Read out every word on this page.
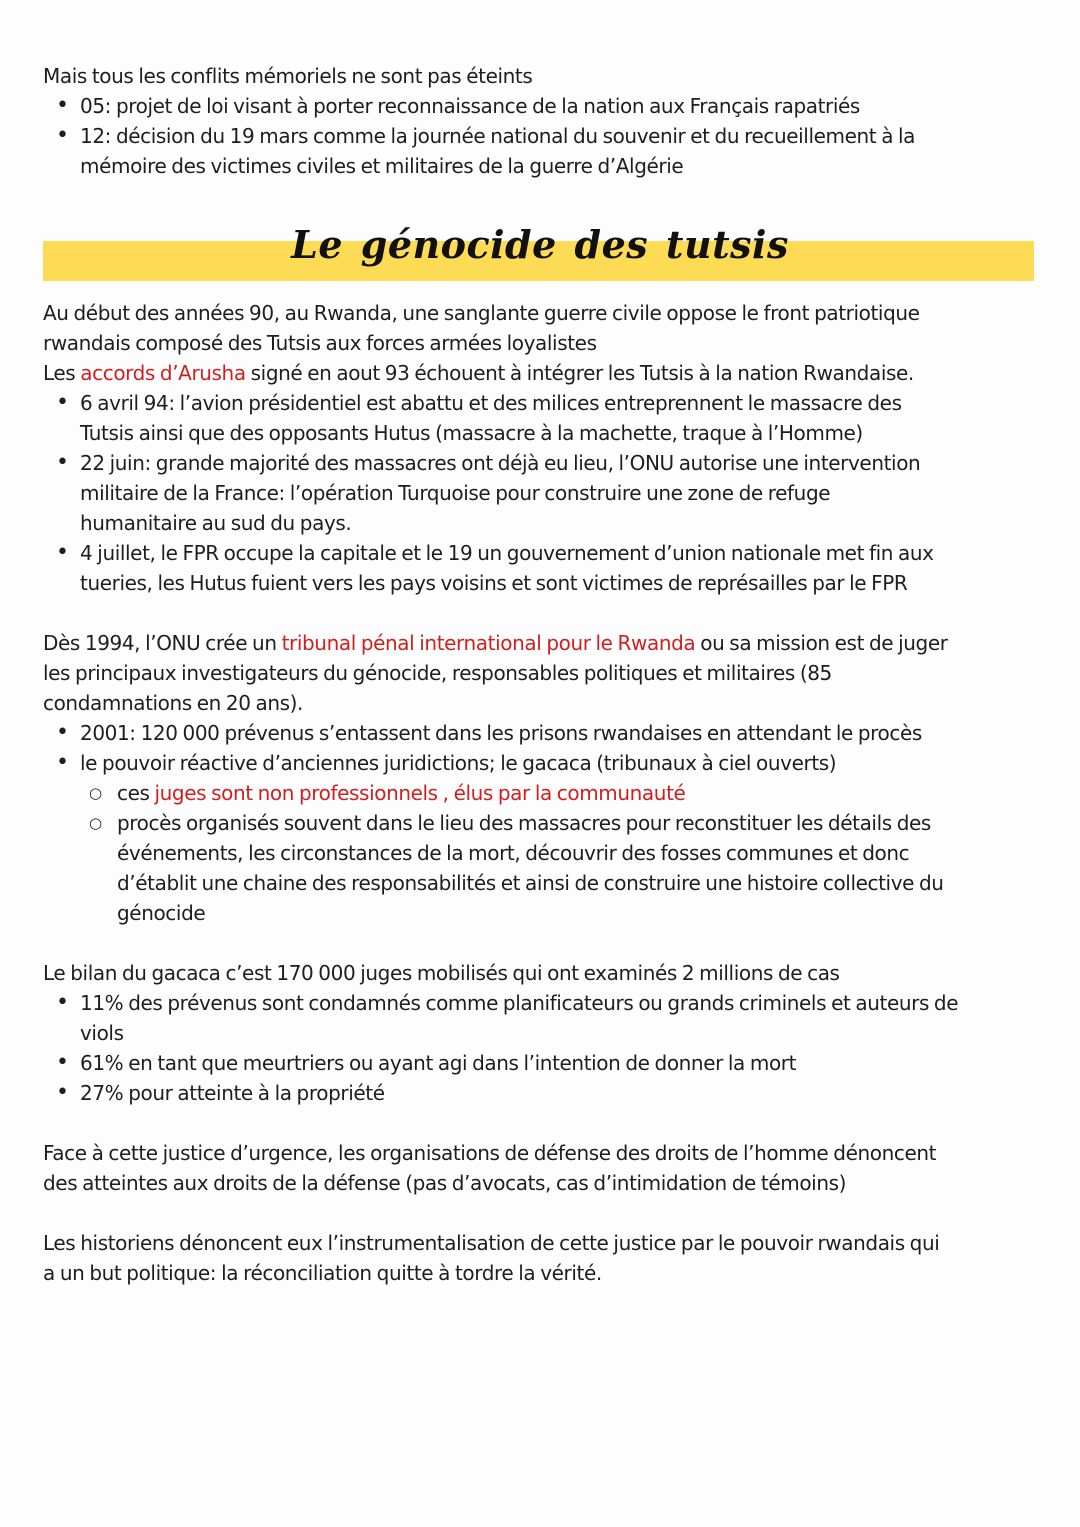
Mais tous les conflits mémoriels ne sont pas éteints

• 05: projet de loi visant à porter reconnaissance de la nation aux Français rapatriés
• 12: décision du 19 mars comme la journée national du souvenir et du recueillement à la
mémoire des victimes civiles et militaires de la guerre d’Algérie
Le génocide des tutsis

Au début des années 90, au Rwanda, une sanglante guerre civile oppose le front patriotique
rwandais composé des Tutsis aux forces armées loyalistes

Les accords d’Arusha signé en aout 93 échouent à intégrer les Tutsis à la nation Rwandaise.

• 6 avril 94: l’avion présidentiel est abattu et des milices entreprennent le massacre des
Tutsis ainsi que des opposants Hutus (massacre à la machette, traque à l’Homme)
• 22 juin: grande majorité des massacres ont déjà eu lieu, l’ONU autorise une intervention
militaire de la France: l’opération Turquoise pour construire une zone de refuge
humanitaire au sud du pays.
• 4 juillet, le FPR occupe la capitale et le 19 un gouvernement d’union nationale met fin aux
tueries, les Hutus fuient vers les pays voisins et sont victimes de représailles par le FPR

Dès 1994, l’ONU crée un tribunal pénal international pour le Rwanda ou sa mission est de juger
les principaux investigateurs du génocide, responsables politiques et militaires (85
condamnations en 20 ans).

• 2001: 120 000 prévenus s’entassent dans les prisons rwandaises en attendant le procès
• le pouvoir réactive d’anciennes juridictions; le gacaca (tribunaux à ciel ouverts)
○ ces juges sont non professionnels , élus par la communauté
○ procès organisés souvent dans le lieu des massacres pour reconstituer les détails des
événements, les circonstances de la mort, découvrir des fosses communes et donc
d’établit une chaine des responsabilités et ainsi de construire une histoire collective du
génocide

Le bilan du gacaca c’est 170 000 juges mobilisés qui ont examinés 2 millions de cas

• 11% des prévenus sont condamnés comme planificateurs ou grands criminels et auteurs de
viols
• 61% en tant que meurtriers ou ayant agi dans l’intention de donner la mort
• 27% pour atteinte à la propriété

Face à cette justice d’urgence, les organisations de défense des droits de l’homme dénoncent
des atteintes aux droits de la défense (pas d’avocats, cas d’intimidation de témoins)

Les historiens dénoncent eux l’instrumentalisation de cette justice par le pouvoir rwandais qui
a un but politique: la réconciliation quitte à tordre la vérité.
